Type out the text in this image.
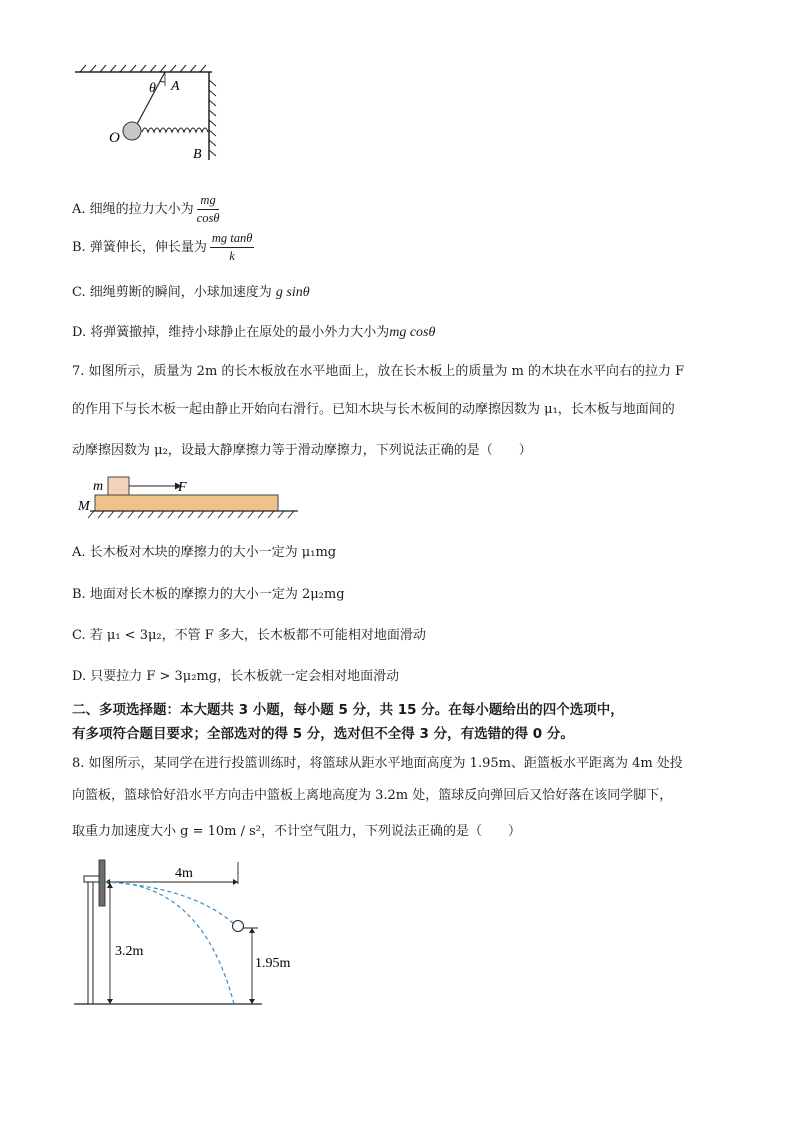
θ A
O
B
A. 细绳的拉力大小为 $\frac{mg}{\cos\theta}$
B. 弹簧伸长，伸长量为 $\frac{\text{mg tanθ}}{k}$
C. 细绳剪断的瞬间，小球加速度为 g sinθ
D. 将弹簧撤掉，维持小球静止在原处的最小外力大小为mg cosθ
7. 如图所示，质量为 2m 的长木板放在水平地面上，放在长木板上的质量为 m 的木块在水平向右的拉力 F
的作用下与长木板一起由静止开始向右滑行。已知木块与长木板间的动摩擦因数为 μ₁，长木板与地面间的
动摩擦因数为 μ₂，设最大静摩擦力等于滑动摩擦力，下列说法正确的是（　　）
m	F
M
A. 长木板对木块的摩擦力的大小一定为 μ₁mg
B. 地面对长木板的摩擦力的大小一定为 2μ₂mg
C. 若 μ₁ < 3μ₂，不管 F 多大，长木板都不可能相对地面滑动
D. 只要拉力 F > 3μ₂mg，长木板就一定会相对地面滑动
二、多项选择题：本大题共 3 小题，每小题 5 分，共 15 分。在每小题给出的四个选项中，
有多项符合题目要求；全部选对的得 5 分，选对但不全得 3 分，有选错的得 0 分。
8. 如图所示，某同学在进行投篮训练时，将篮球从距水平地面高度为 1.95m、距篮板水平距离为 4m 处投
向篮板，篮球恰好沿水平方向击中篮板上离地高度为 3.2m 处，篮球反向弹回后又恰好落在该同学脚下，
取重力加速度大小 g = 10m / s²，不计空气阻力，下列说法正确的是（　　）
4m
3.2m
1.95m
